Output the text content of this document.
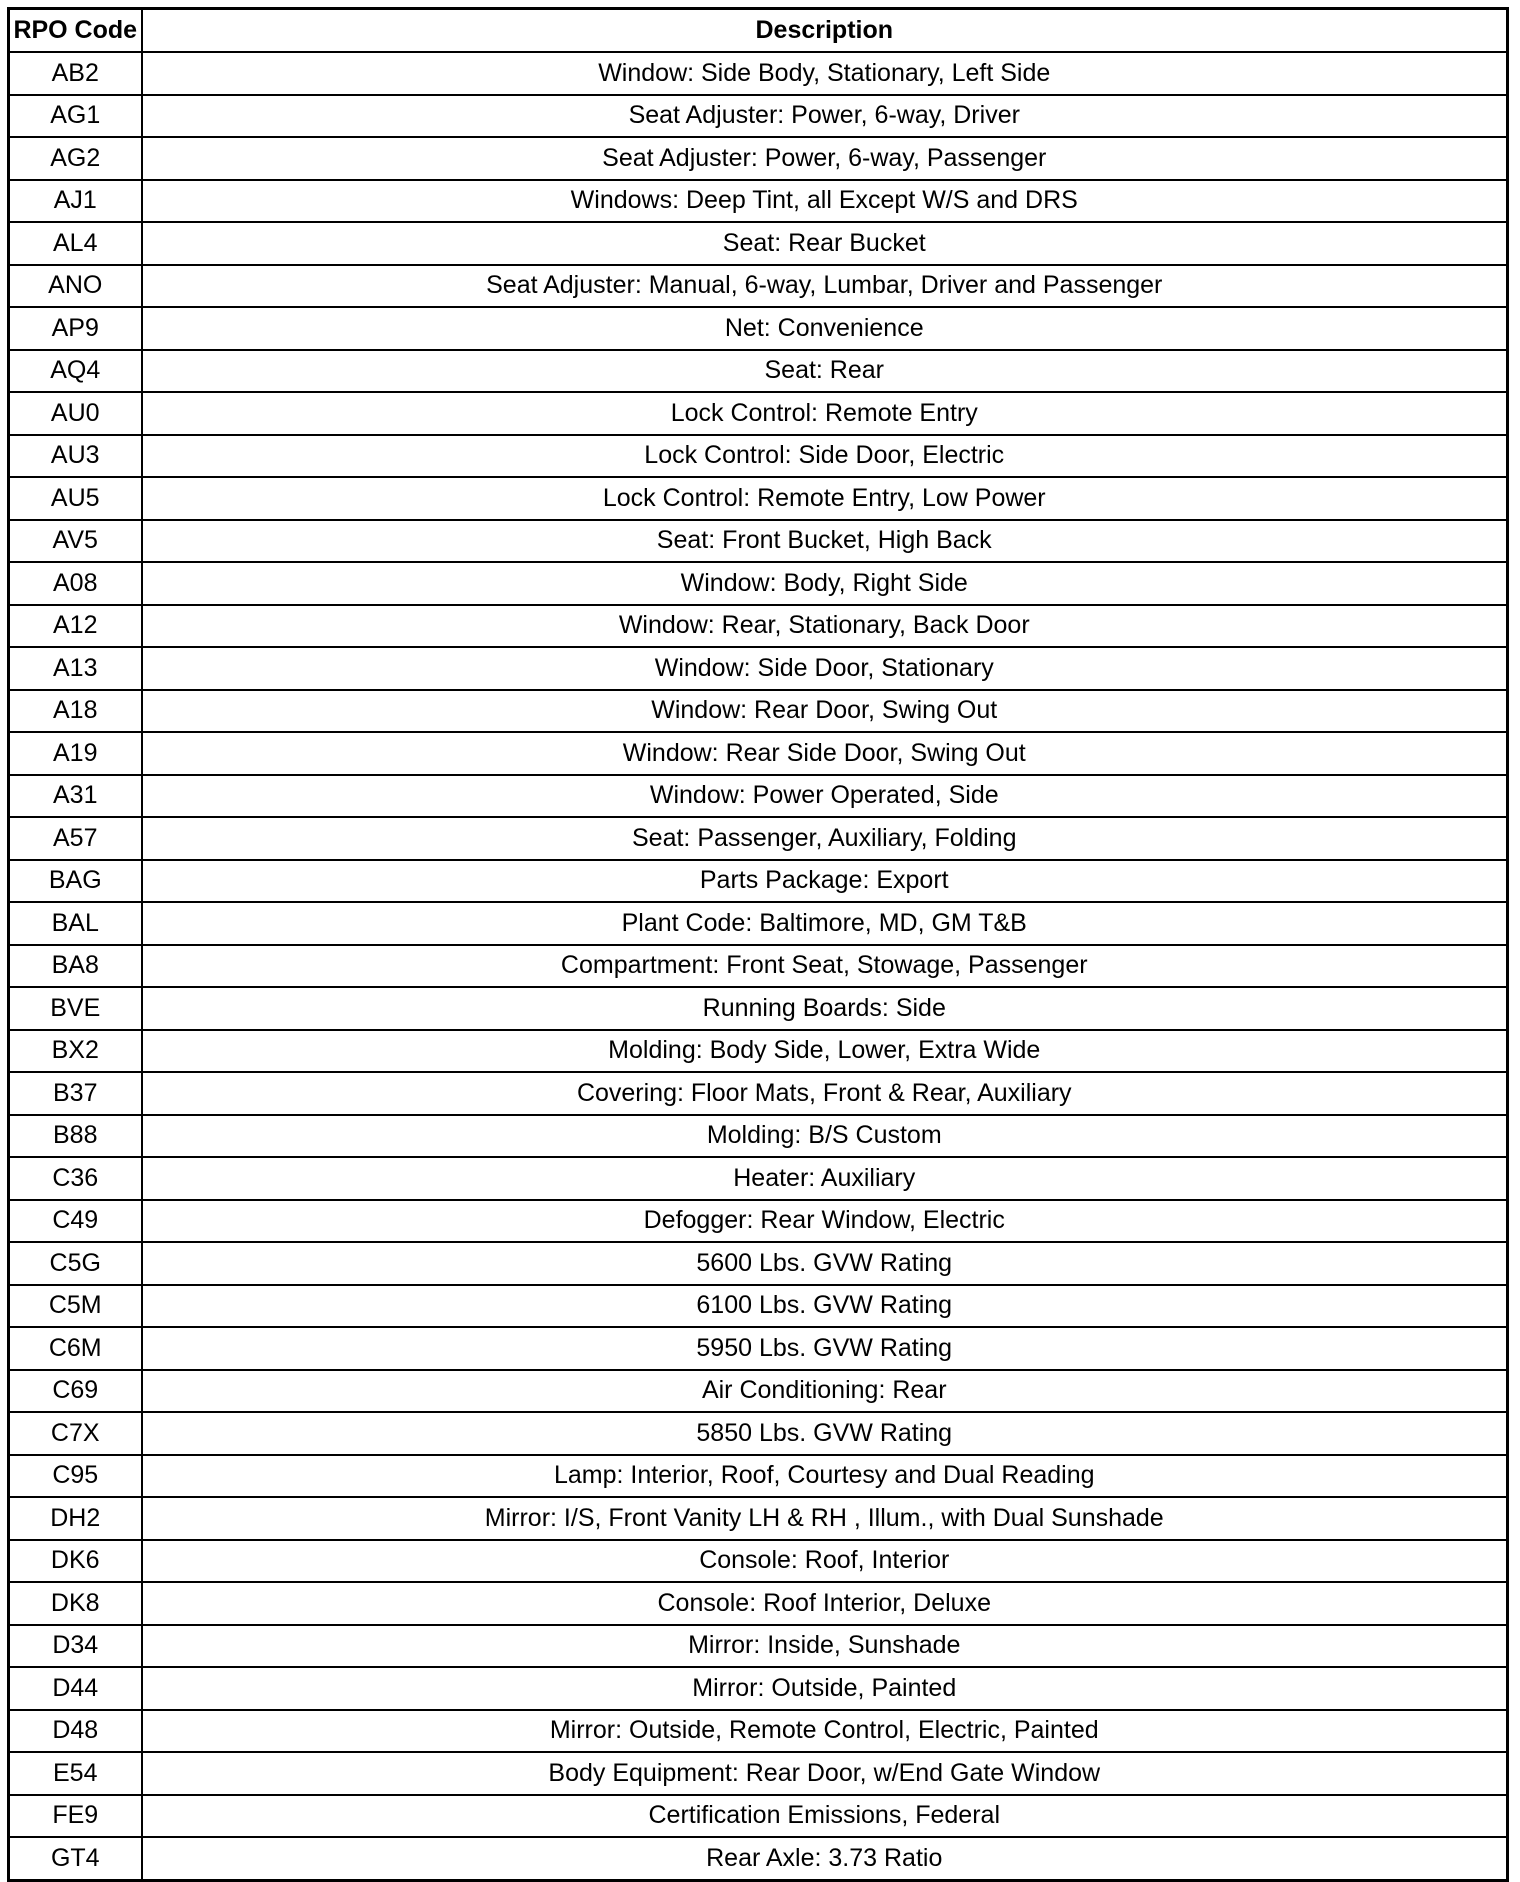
RPO Code	Description
AB2	Window: Side Body, Stationary, Left Side
AG1	Seat Adjuster: Power, 6-way, Driver
AG2	Seat Adjuster: Power, 6-way, Passenger
AJ1	Windows: Deep Tint, all Except W/S and DRS
AL4	Seat: Rear Bucket
ANO	Seat Adjuster: Manual, 6-way, Lumbar, Driver and Passenger
AP9	Net: Convenience
AQ4	Seat: Rear
AU0	Lock Control: Remote Entry
AU3	Lock Control: Side Door, Electric
AU5	Lock Control: Remote Entry, Low Power
AV5	Seat: Front Bucket, High Back
A08	Window: Body, Right Side
A12	Window: Rear, Stationary, Back Door
A13	Window: Side Door, Stationary
A18	Window: Rear Door, Swing Out
A19	Window: Rear Side Door, Swing Out
A31	Window: Power Operated, Side
A57	Seat: Passenger, Auxiliary, Folding
BAG	Parts Package: Export
BAL	Plant Code: Baltimore, MD, GM T&B
BA8	Compartment: Front Seat, Stowage, Passenger
BVE	Running Boards: Side
BX2	Molding: Body Side, Lower, Extra Wide
B37	Covering: Floor Mats, Front & Rear, Auxiliary
B88	Molding: B/S Custom
C36	Heater: Auxiliary
C49	Defogger: Rear Window, Electric
C5G	5600 Lbs. GVW Rating
C5M	6100 Lbs. GVW Rating
C6M	5950 Lbs. GVW Rating
C69	Air Conditioning: Rear
C7X	5850 Lbs. GVW Rating
C95	Lamp: Interior, Roof, Courtesy and Dual Reading
DH2	Mirror: I/S, Front Vanity LH & RH , Illum., with Dual Sunshade
DK6	Console: Roof, Interior
DK8	Console: Roof Interior, Deluxe
D34	Mirror: Inside, Sunshade
D44	Mirror: Outside, Painted
D48	Mirror: Outside, Remote Control, Electric, Painted
E54	Body Equipment: Rear Door, w/End Gate Window
FE9	Certification Emissions, Federal
GT4	Rear Axle: 3.73 Ratio
